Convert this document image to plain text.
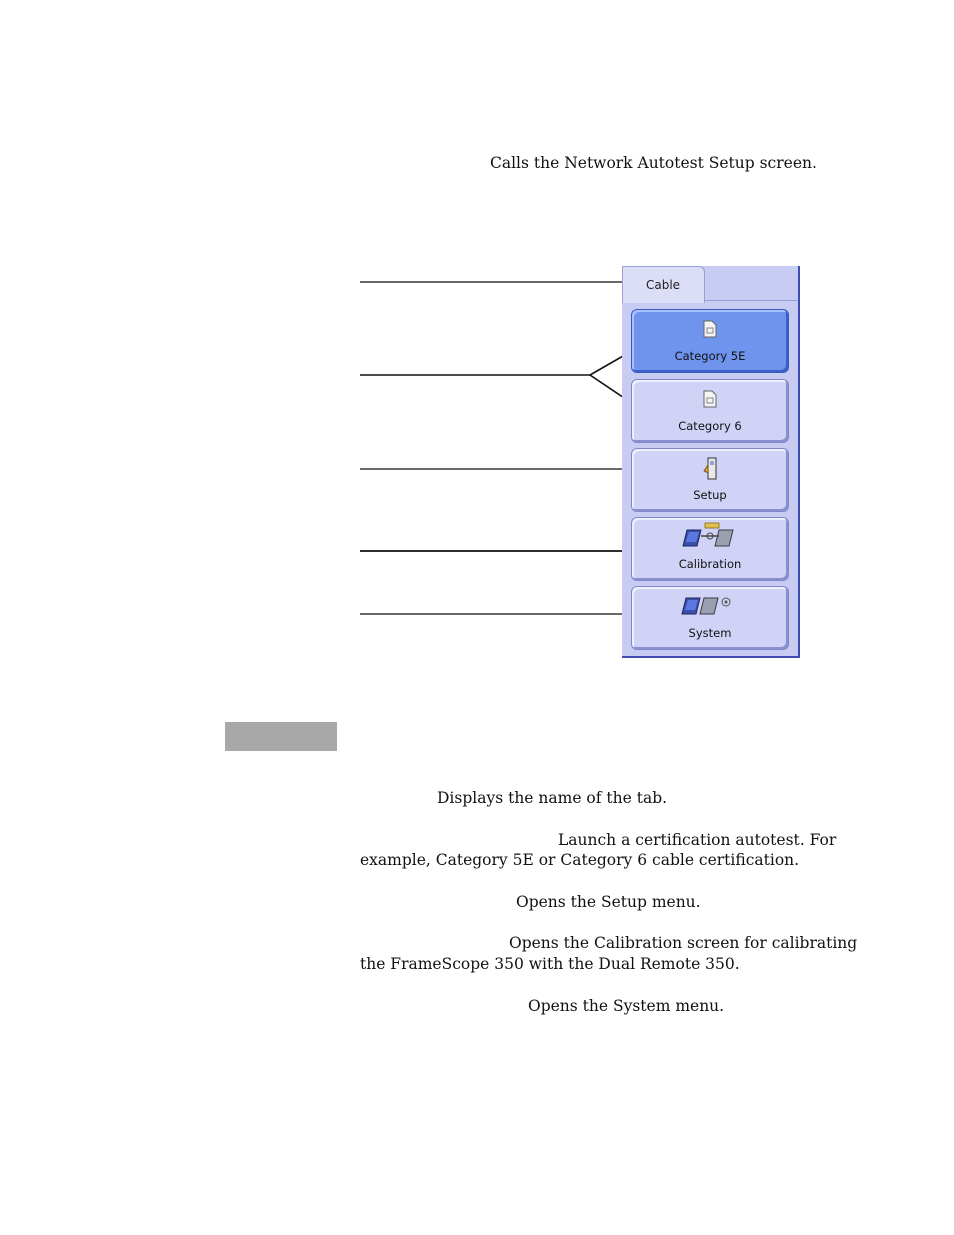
Calls the Network Autotest Setup screen.
Cable
Category 5E
Category 6
Setup
Calibration
System
Displays the name of the tab.
Launch a certification autotest. For
example, Category 5E or Category 6 cable certification.
Opens the Setup menu.
Opens the Calibration screen for calibrating
the FrameScope 350 with the Dual Remote 350.
Opens the System menu.
